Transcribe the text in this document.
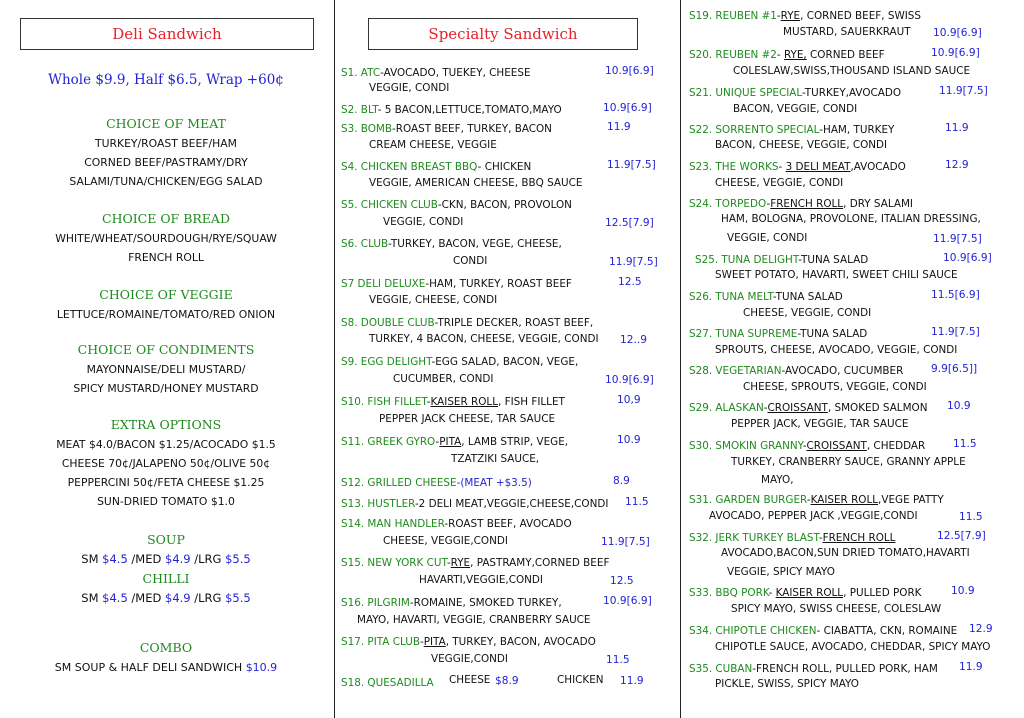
Deli Sandwich
Whole $9.9, Half $6.5, Wrap +60¢
CHOICE OF MEAT
TURKEY/ROAST BEEF/HAM
CORNED BEEF/PASTRAMY/DRY
SALAMI/TUNA/CHICKEN/EGG SALAD
CHOICE OF BREAD
WHITE/WHEAT/SOURDOUGH/RYE/SQUAW
FRENCH ROLL
CHOICE OF VEGGIE
LETTUCE/ROMAINE/TOMATO/RED ONION
CHOICE OF CONDIMENTS
MAYONNAISE/DELI MUSTARD/
SPICY MUSTARD/HONEY MUSTARD
EXTRA OPTIONS
MEAT $4.0/BACON $1.25/ACOCADO $1.5
CHEESE 70¢/JALAPENO 50¢/OLIVE 50¢
PEPPERCINI 50¢/FETA CHEESE $1.25
SUN-DRIED TOMATO $1.0
SOUP
SM $4.5 /MED $4.9 /LRG $5.5
CHILLI
SM $4.5 /MED $4.9 /LRG $5.5
COMBO
SM SOUP & HALF DELI SANDWICH $10.9
Specialty Sandwich
S1. ATC-AVOCADO, TUEKEY, CHEESE	10.9[6.9]
VEGGIE, CONDI
S2. BLT- 5 BACON,LETTUCE,TOMATO,MAYO	10.9[6.9]
S3. BOMB-ROAST BEEF, TURKEY, BACON	11.9
CREAM CHEESE, VEGGIE
S4. CHICKEN BREAST BBQ- CHICKEN	11.9[7.5]
VEGGIE, AMERICAN CHEESE, BBQ SAUCE
S5. CHICKEN CLUB-CKN, BACON, PROVOLON
VEGGIE, CONDI	12.5[7.9]
S6. CLUB-TURKEY, BACON, VEGE, CHEESE,
CONDI	11.9[7.5]
S7 DELI DELUXE-HAM, TURKEY, ROAST BEEF	12.5
VEGGIE, CHEESE, CONDI
S8. DOUBLE CLUB-TRIPLE DECKER, ROAST BEEF,
TURKEY, 4 BACON, CHEESE, VEGGIE, CONDI 12..9
S9. EGG DELIGHT-EGG SALAD, BACON, VEGE,
CUCUMBER, CONDI	10.9[6.9]
S10. FISH FILLET-KAISER ROLL, FISH FILLET	10,9
PEPPER JACK CHEESE, TAR SAUCE
S11. GREEK GYRO-PITA, LAMB STRIP, VEGE,	10.9
TZATZIKI SAUCE,
S12. GRILLED CHEESE-(MEAT +$3.5)	8.9
S13. HUSTLER-2 DELI MEAT,VEGGIE,CHEESE,CONDI 11.5
S14. MAN HANDLER-ROAST BEEF, AVOCADO
CHEESE, VEGGIE,CONDI	11.9[7.5]
S15. NEW YORK CUT-RYE, PASTRAMY,CORNED BEEF
HAVARTI,VEGGIE,CONDI	12.5
S16. PILGRIM-ROMAINE, SMOKED TURKEY,	10.9[6.9]
MAYO, HAVARTI, VEGGIE, CRANBERRY SAUCE
S17. PITA CLUB-PITA, TURKEY, BACON, AVOCADO
VEGGIE,CONDI	11.5
S18. QUESADILLA CHEESE $8.9	CHICKEN 11.9
S19. REUBEN #1-RYE, CORNED BEEF, SWISS
MUSTARD, SAUERKRAUT 10.9[6.9]
S20. REUBEN #2- RYE, CORNED BEEF	10.9[6.9]
COLESLAW,SWISS,THOUSAND ISLAND SAUCE
S21. UNIQUE SPECIAL-TURKEY,AVOCADO	11.9[7.5]
BACON, VEGGIE, CONDI
S22. SORRENTO SPECIAL-HAM, TURKEY	11.9
BACON, CHEESE, VEGGIE, CONDI
S23. THE WORKS- 3 DELI MEAT,AVOCADO	12.9
CHEESE, VEGGIE, CONDI
S24. TORPEDO-FRENCH ROLL, DRY SALAMI
HAM, BOLOGNA, PROVOLONE, ITALIAN DRESSING,
VEGGIE, CONDI	11.9[7.5]
S25. TUNA DELIGHT-TUNA SALAD	10.9[6.9]
SWEET POTATO, HAVARTI, SWEET CHILI SAUCE
S26. TUNA MELT-TUNA SALAD	11.5[6.9]
CHEESE, VEGGIE, CONDI
S27. TUNA SUPREME-TUNA SALAD	11.9[7.5]
SPROUTS, CHEESE, AVOCADO, VEGGIE, CONDI
S28. VEGETARIAN-AVOCADO, CUCUMBER	9.9[6.5]]
CHEESE, SPROUTS, VEGGIE, CONDI
S29. ALASKAN-CROISSANT, SMOKED SALMON 10.9
PEPPER JACK, VEGGIE, TAR SAUCE
S30. SMOKIN GRANNY-CROISSANT, CHEDDAR	11.5
TURKEY, CRANBERRY SAUCE, GRANNY APPLE
MAYO,
S31. GARDEN BURGER-KAISER ROLL,VEGE PATTY
AVOCADO, PEPPER JACK ,VEGGIE,CONDI	11.5
S32. JERK TURKEY BLAST-FRENCH ROLL	12.5[7.9]
AVOCADO,BACON,SUN DRIED TOMATO,HAVARTI
VEGGIE, SPICY MAYO
S33. BBQ PORK- KAISER ROLL, PULLED PORK	10.9
SPICY MAYO, SWISS CHEESE, COLESLAW
S34. CHIPOTLE CHICKEN- CIABATTA, CKN, ROMAINE 12.9
CHIPOTLE SAUCE, AVOCADO, CHEDDAR, SPICY MAYO
S35. CUBAN-FRENCH ROLL, PULLED PORK, HAM 11.9
PICKLE, SWISS, SPICY MAYO
